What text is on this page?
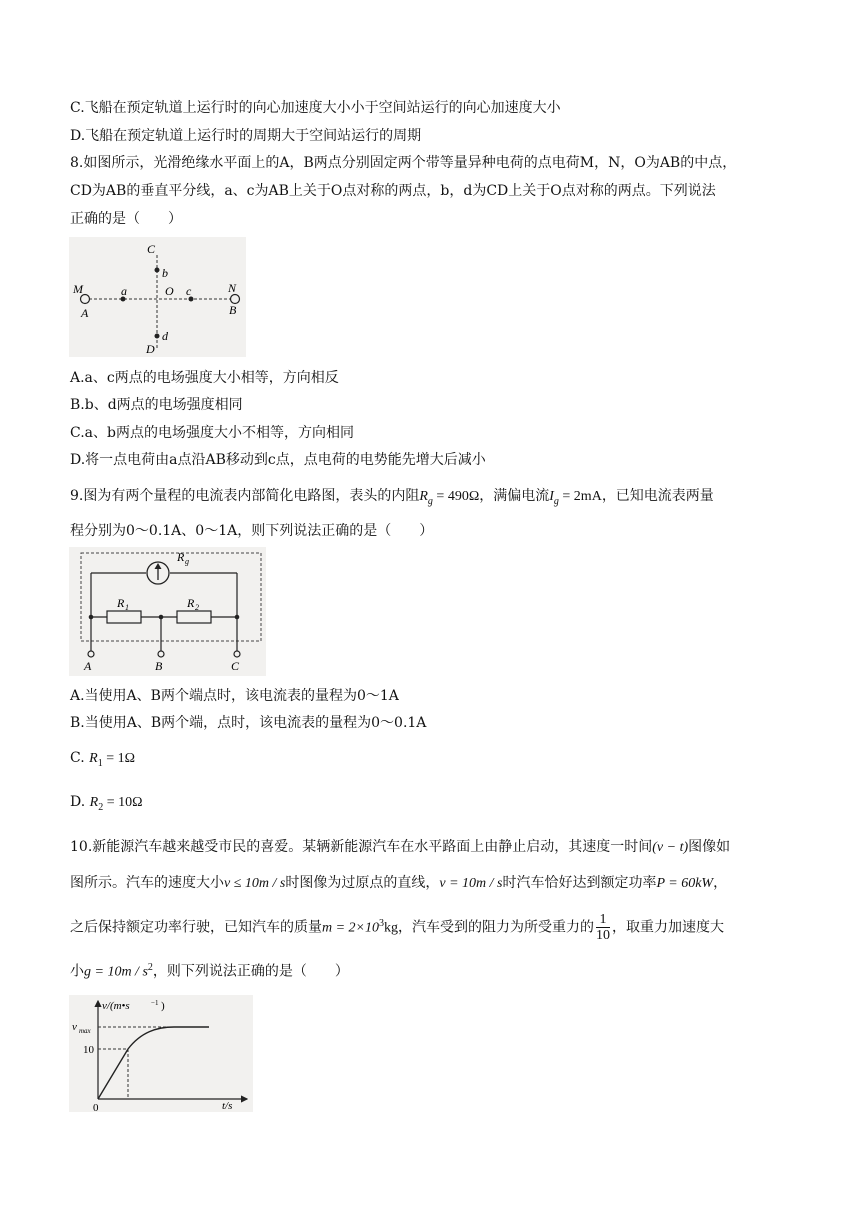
C.飞船在预定轨道上运行时的向心加速度大小小于空间站运行的向心加速度大小
D.飞船在预定轨道上运行时的周期大于空间站运行的周期
8.如图所示，光滑绝缘水平面上的A，B两点分别固定两个带等量异种电荷的点电荷M，N，O为AB的中点，
CD为AB的垂直平分线，a、c为AB上关于O点对称的两点，b，d为CD上关于O点对称的两点。下列说法
正确的是（　　）
C
b
M	a	O c	N
A	B
d
D
A.a、c两点的电场强度大小相等，方向相反
B.b、d两点的电场强度相同
C.a、b两点的电场强度大小不相等，方向相同
D.将一点电荷由a点沿AB移动到c点，点电荷的电势能先增大后减小
9.图为有两个量程的电流表内部简化电路图，表头的内阻$R_g = 490\Omega$，满偏电流$I_g = 2mA$，已知电流表两量
程分别为0～0.1A、0～1A，则下列说法正确的是（　　）
R g
R 1	R 2
A	B	C
A.当使用A、B两个端点时，该电流表的量程为0～1A
B.当使用A、B两个端，点时，该电流表的量程为0～0.1A
C. $R_1 = 1\Omega$
D. $R_2 = 10\Omega$
10.新能源汽车越来越受市民的喜爱。某辆新能源汽车在水平路面上由静止启动，其速度一时间(v − t)图像如
图所示。汽车的速度大小v ≤ 10m / s时图像为过原点的直线，v = 10m / s时汽车恰好达到额定功率P = 60kW，
之后保持额定功率行驶，已知汽车的质量$m = 2\times 10^3kg$，汽车受到的阻力为所受重力的 $\frac{1}{10}$ ，取重力加速度大
小$g = 10m / s^2$，则下列说法正确的是（　　）
v/(m•s	−1 )
v max
10
0	t/s
